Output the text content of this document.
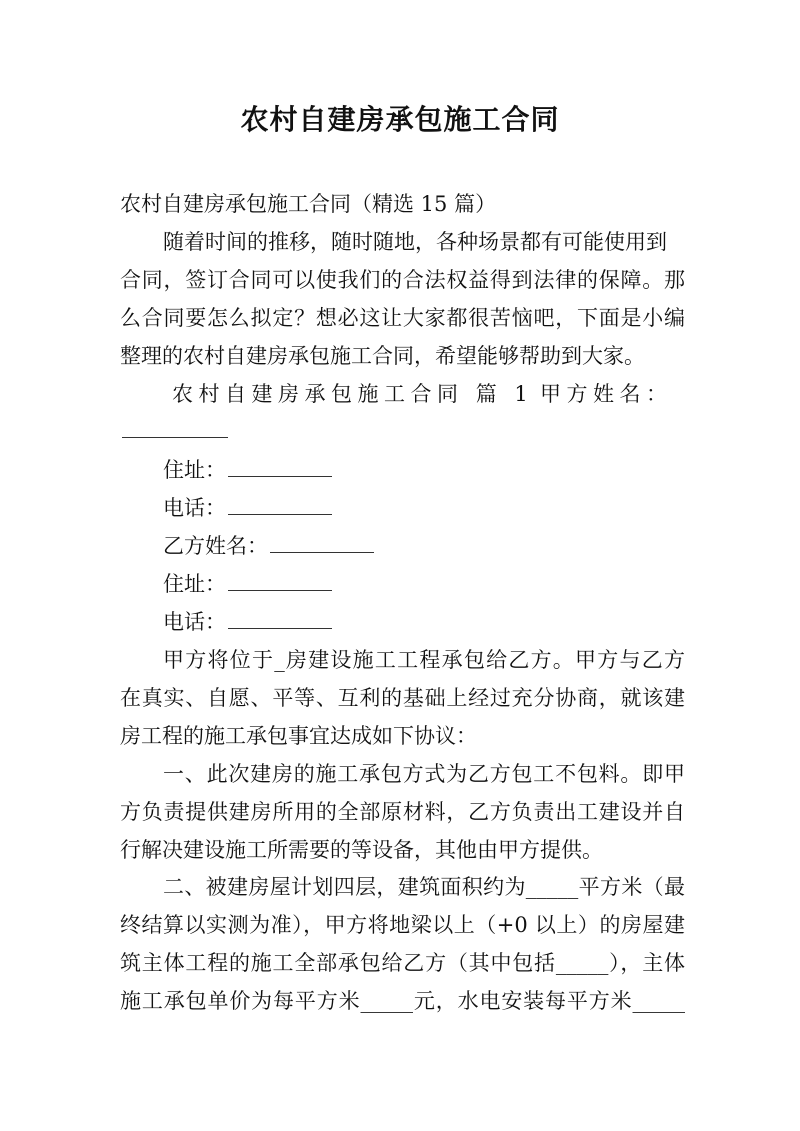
农村自建房承包施工合同
农村自建房承包施工合同（精选 15 篇）
随着时间的推移，随时随地，各种场景都有可能使用到
合同，签订合同可以使我们的合法权益得到法律的保障。那
么合同要怎么拟定？想必这让大家都很苦恼吧，下面是小编
整理的农村自建房承包施工合同，希望能够帮助到大家。
农村自建房承包施工合同 篇 1 甲方姓名：
住址：
电话：
乙方姓名：
住址：
电话：
甲方将位于_房建设施工工程承包给乙方。甲方与乙方
在真实、自愿、平等、互利的基础上经过充分协商，就该建
房工程的施工承包事宜达成如下协议：
一、此次建房的施工承包方式为乙方包工不包料。即甲
方负责提供建房所用的全部原材料，乙方负责出工建设并自
行解决建设施工所需要的等设备，其他由甲方提供。
二、被建房屋计划四层，建筑面积约为_____平方米（最
终结算以实测为准），甲方将地梁以上（+0 以上）的房屋建
筑主体工程的施工全部承包给乙方（其中包括_____），主体
施工承包单价为每平方米_____元，水电安装每平方米_____
